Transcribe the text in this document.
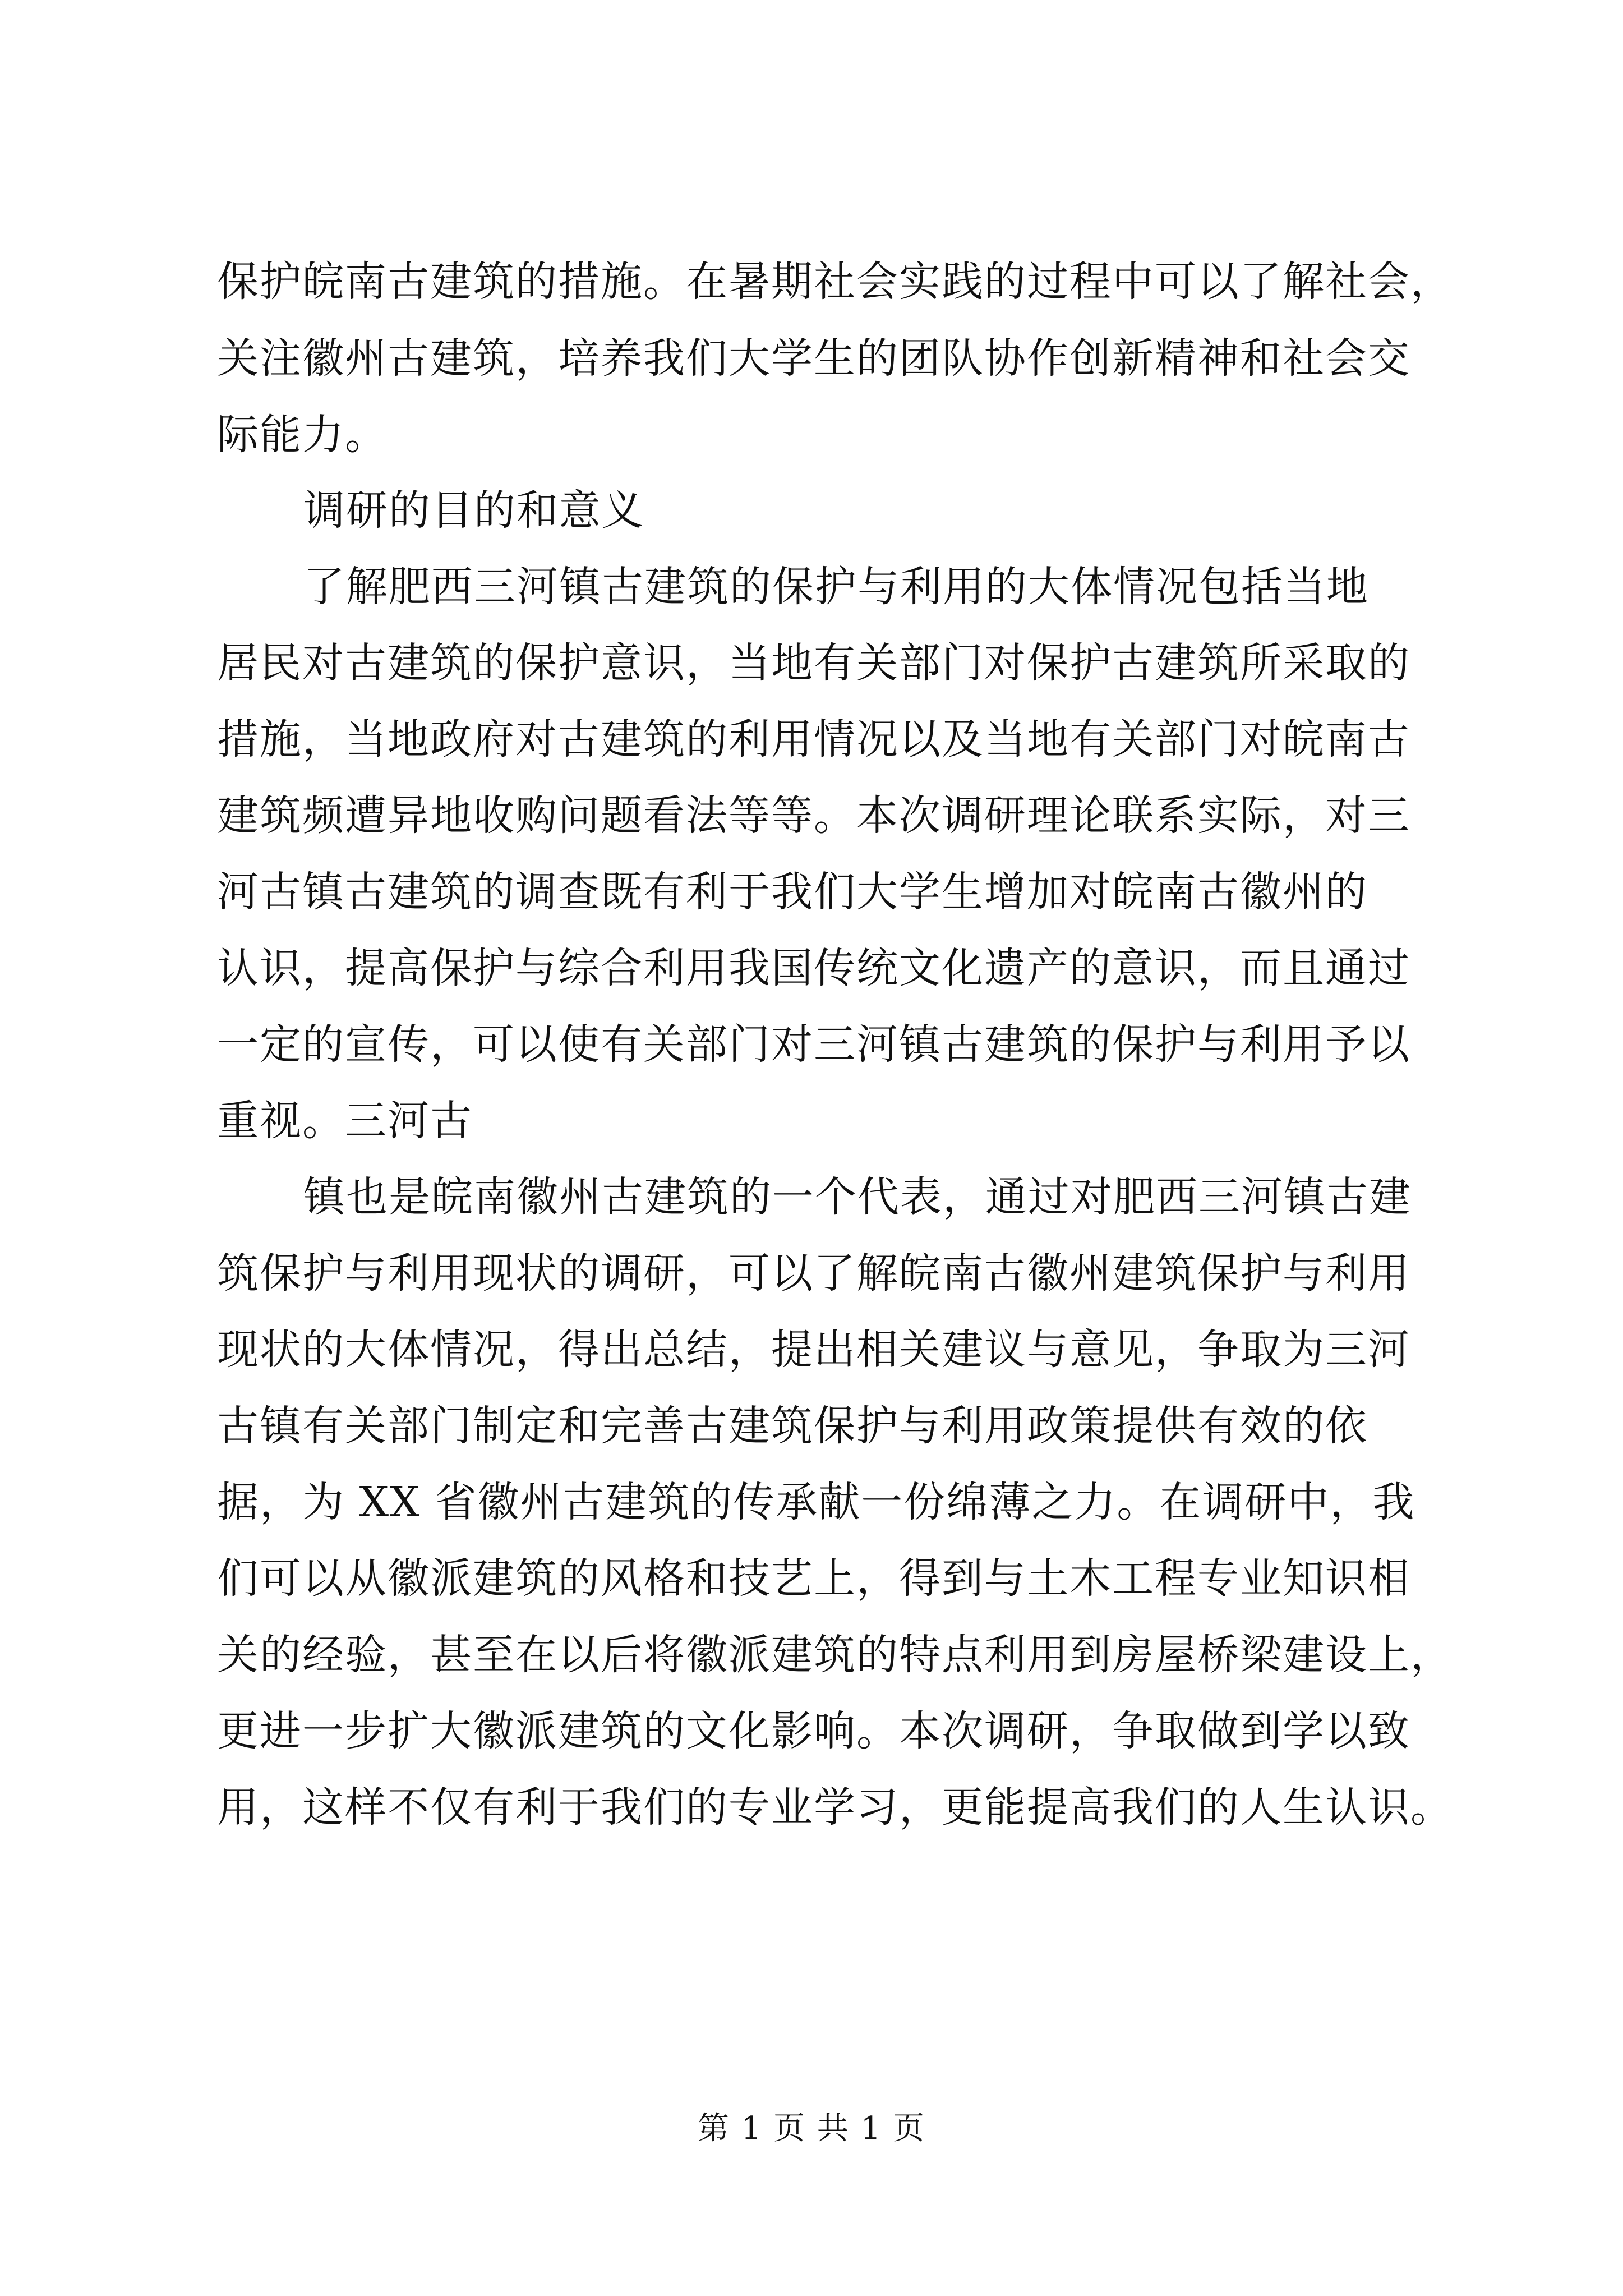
保护皖南古建筑的措施。在暑期社会实践的过程中可以了解社会，
关注徽州古建筑，培养我们大学生的团队协作创新精神和社会交
际能力。
调研的目的和意义
了解肥西三河镇古建筑的保护与利用的大体情况包括当地
居民对古建筑的保护意识，当地有关部门对保护古建筑所采取的
措施，当地政府对古建筑的利用情况以及当地有关部门对皖南古
建筑频遭异地收购问题看法等等。本次调研理论联系实际，对三
河古镇古建筑的调查既有利于我们大学生增加对皖南古徽州的
认识，提高保护与综合利用我国传统文化遗产的意识，而且通过
一定的宣传，可以使有关部门对三河镇古建筑的保护与利用予以
重视。三河古
镇也是皖南徽州古建筑的一个代表，通过对肥西三河镇古建
筑保护与利用现状的调研，可以了解皖南古徽州建筑保护与利用
现状的大体情况，得出总结，提出相关建议与意见，争取为三河
古镇有关部门制定和完善古建筑保护与利用政策提供有效的依
据，为 XX 省徽州古建筑的传承献一份绵薄之力。在调研中，我
们可以从徽派建筑的风格和技艺上，得到与土木工程专业知识相
关的经验，甚至在以后将徽派建筑的特点利用到房屋桥梁建设上，
更进一步扩大徽派建筑的文化影响。本次调研，争取做到学以致
用，这样不仅有利于我们的专业学习，更能提高我们的人生认识。
第 1 页 共 1 页
